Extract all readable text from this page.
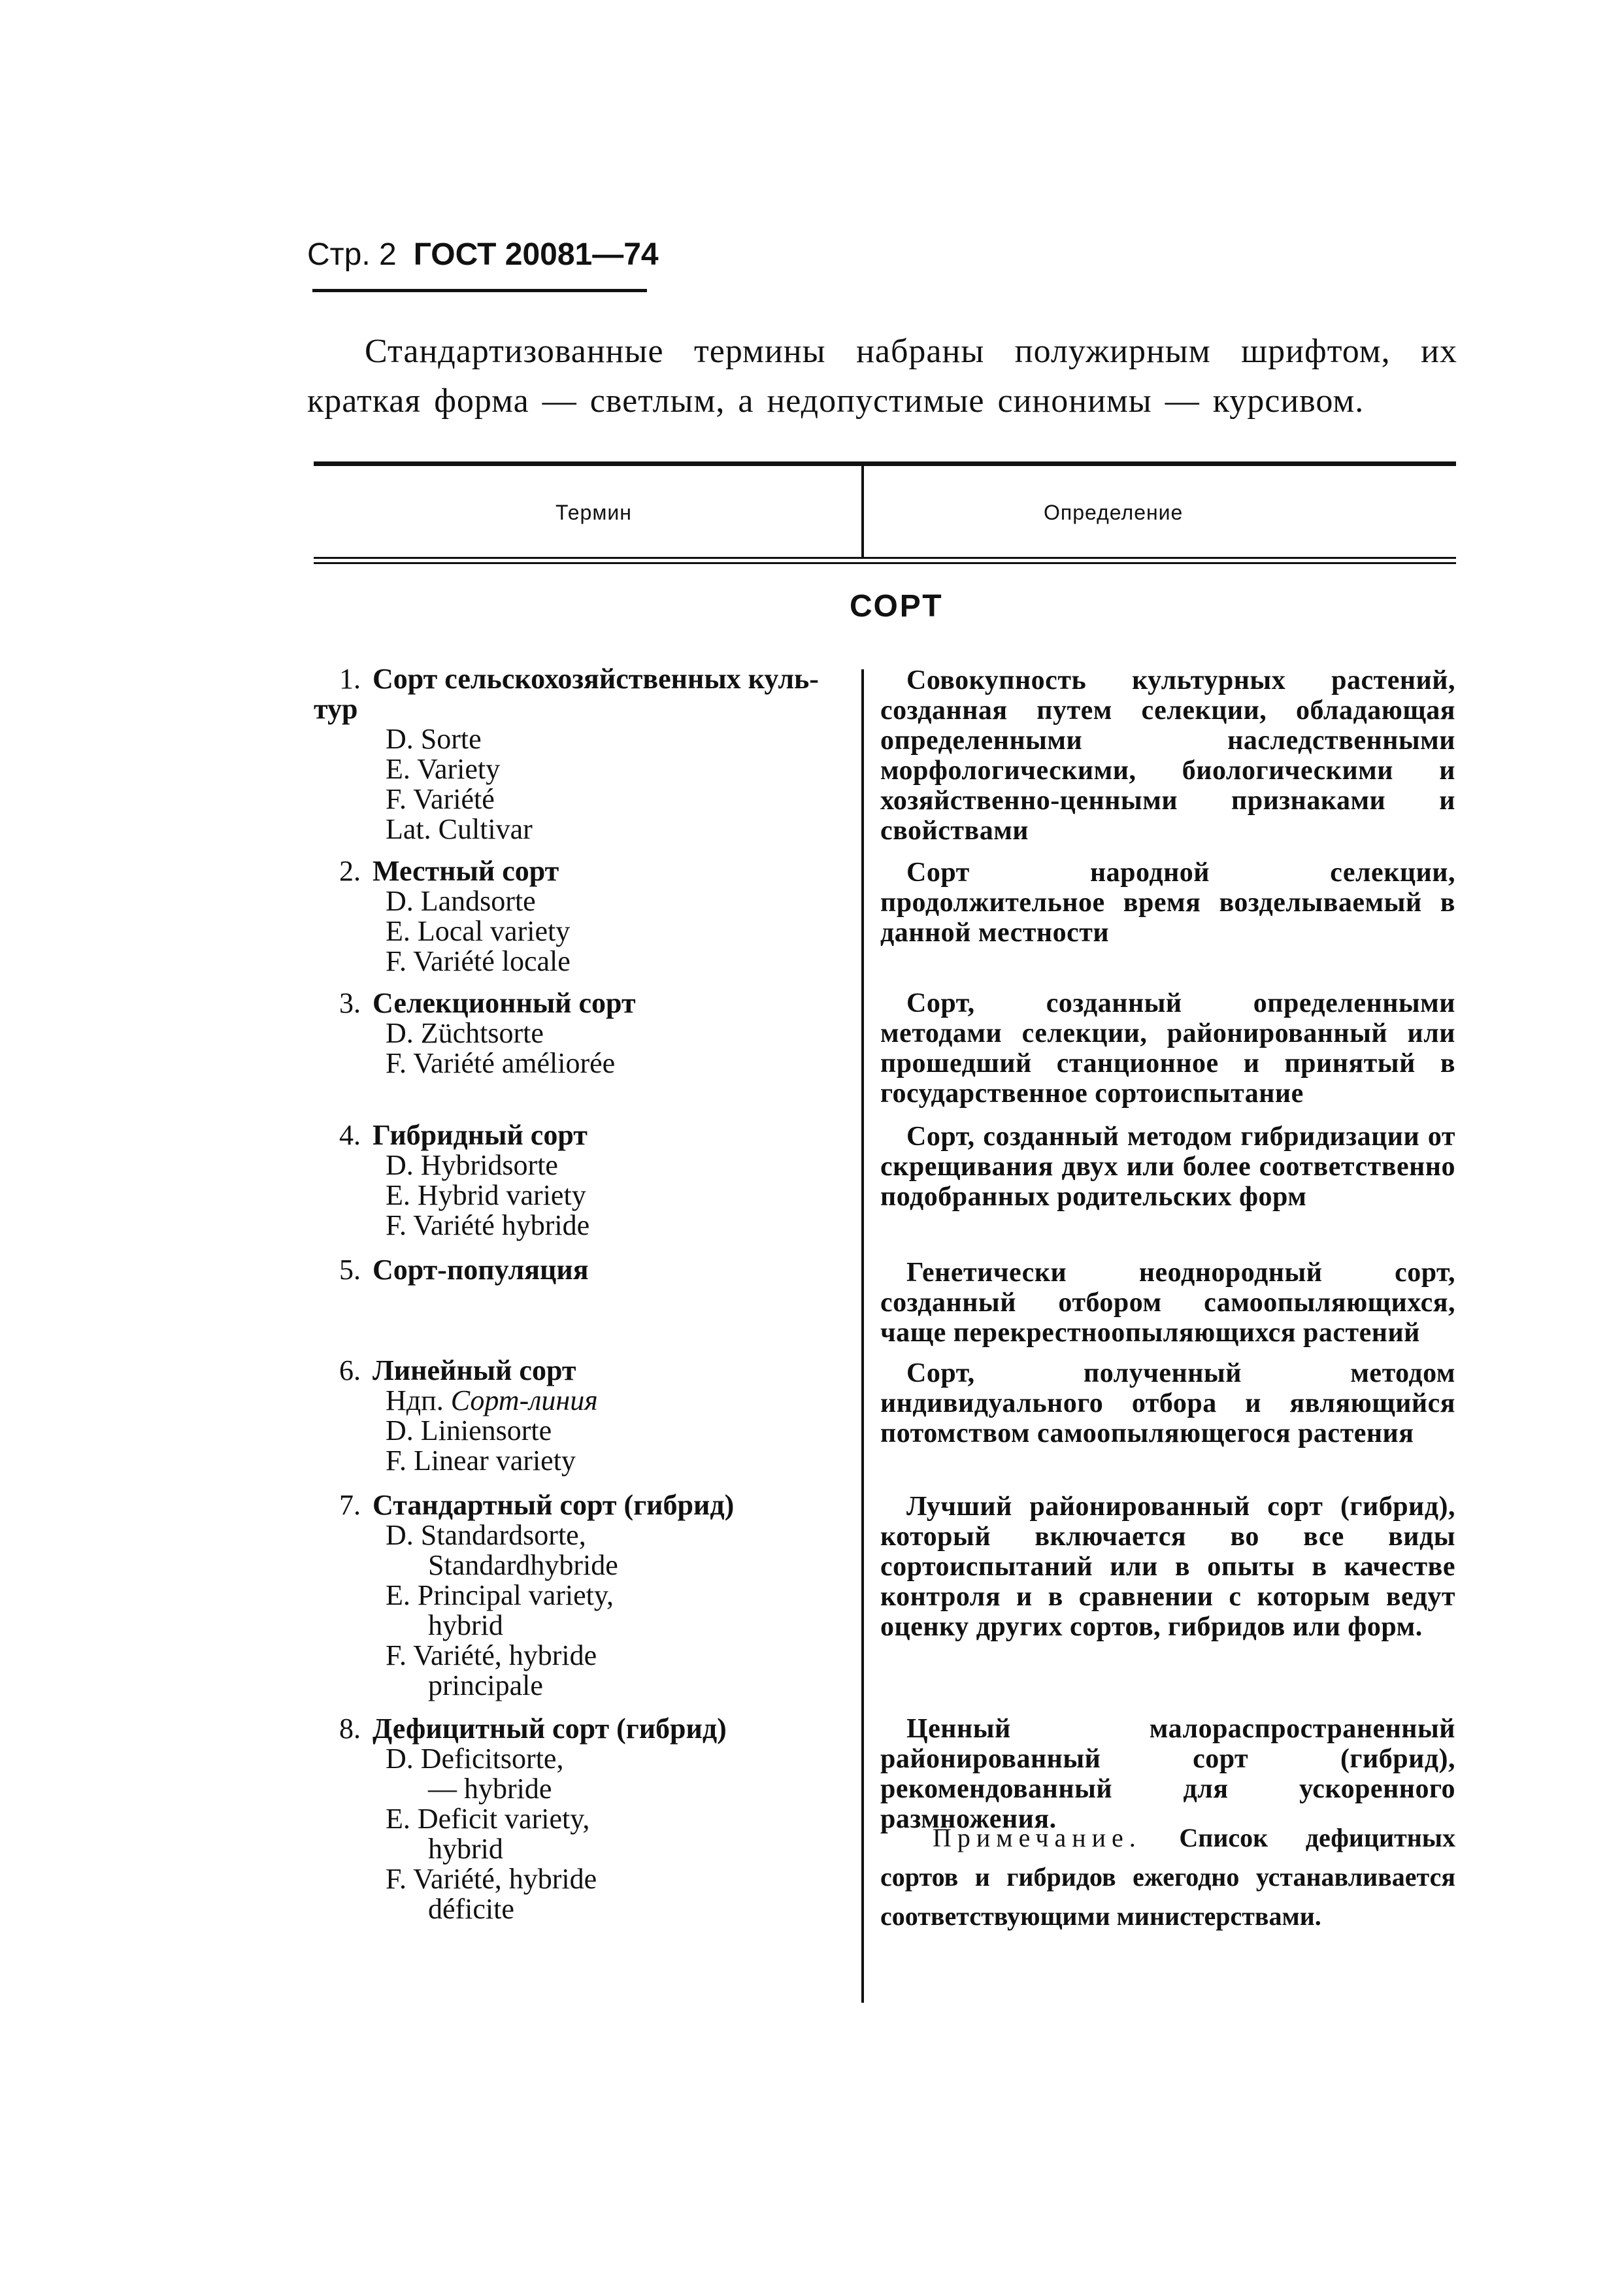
Стр. 2 ГОСТ 20081—74

Стандартизованные термины набраны полужирным шрифтом, их краткая форма — светлым, а недопустимые синонимы — курсивом.

Термин	Определение
СОРТ
1. Сорт сельскохозяйственных куль-
тур
D. Sorte
E. Variety
F. Variété
Lat. Cultivar
Совокупность культурных растений, созданная путем селекции, обладающая определенными наследственными морфологическими, биологическими и хозяйственно-ценными признаками и свойствами
2. Местный сорт
D. Landsorte
E. Local variety
F. Variété locale
Сорт народной селекции, продолжительное время возделываемый в данной местности
3. Селекционный сорт
D. Züchtsorte
F. Variété améliorée
Сорт, созданный определенными методами селекции, районированный или прошедший станционное и принятый в государственное сортоиспытание
4. Гибридный сорт
D. Hybridsorte
E. Hybrid variety
F. Variété hybride
Сорт, созданный методом гибридизации от скрещивания двух или более соответственно подобранных родительских форм
5. Сорт-популяция	Генетически неоднородный сорт, созданный отбором самоопыляющихся, чаще перекрестноопыляющихся растений
6. Линейный сорт
Ндп. Сорт-линия
D. Liniensorte
F. Linear variety
Сорт, полученный методом индивидуального отбора и являющийся потомством самоопыляющегося растения
7. Стандартный сорт (гибрид)
D. Standardsorte,
Standardhybride
E. Principal variety,
hybrid
F. Variété, hybride
principale
Лучший районированный сорт (гибрид), который включается во все виды сортоиспытаний или в опыты в качестве контроля и в сравнении с которым ведут оценку других сортов, гибридов или форм.
8. Дефицитный сорт (гибрид)
D. Deficitsorte,
— hybride
E. Deficit variety,
hybrid
F. Variété, hybride
déficite
Ценный малораспространенный районированный сорт (гибрид), рекомендованный для ускоренного размножения.
Примечание. Список дефицитных сортов и гибридов ежегодно устанавливается соответствующими министерствами.
